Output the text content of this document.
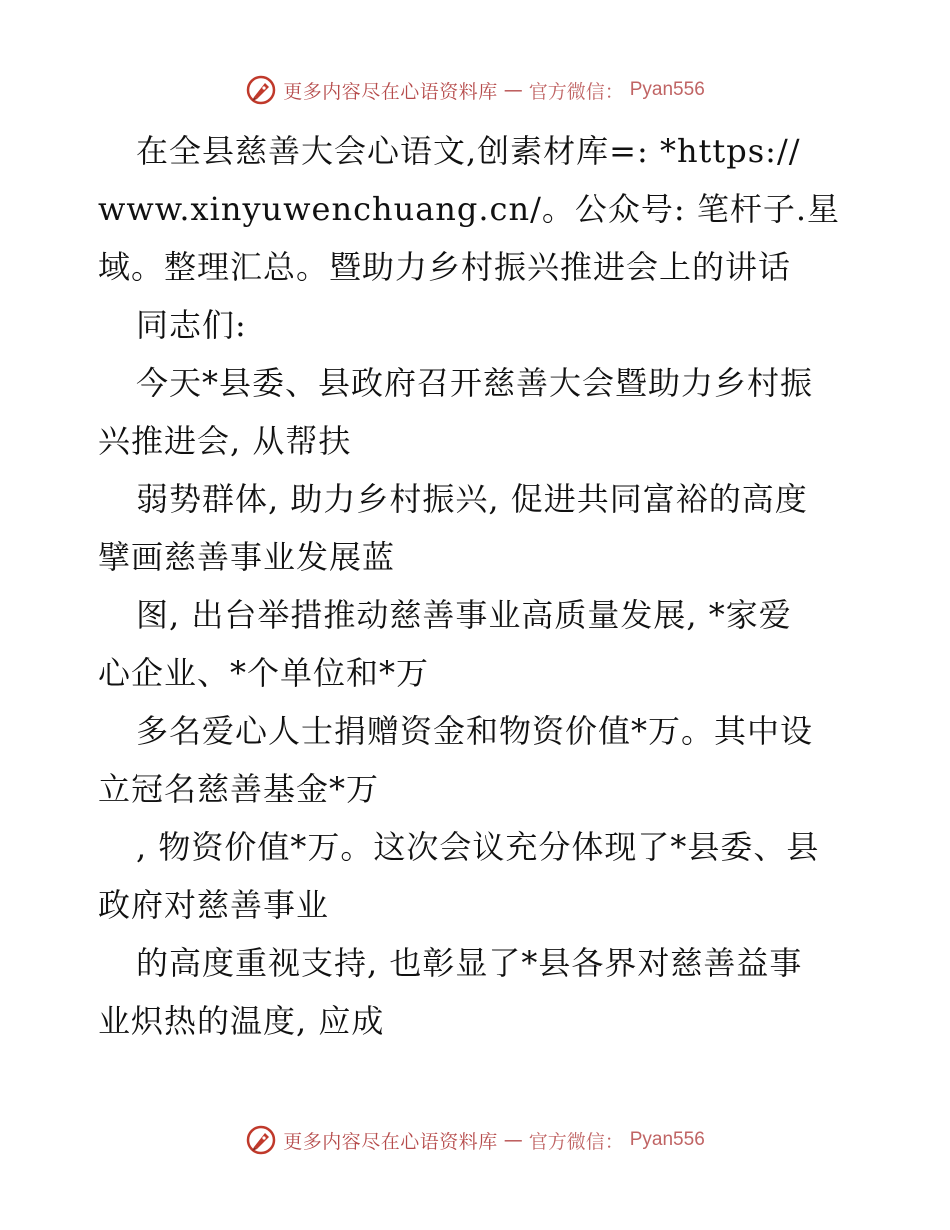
更多内容尽在心语资料库 — 官方微信： Pyan556
在全县慈善大会心语文,创素材库=: *https://
www.xinyuwenchuang.cn/。公众号: 笔杆子.星
域。整理汇总。暨助力乡村振兴推进会上的讲话
同志们:
今天*县委、县政府召开慈善大会暨助力乡村振
兴推进会, 从帮扶
弱势群体, 助力乡村振兴, 促进共同富裕的高度
擘画慈善事业发展蓝
图, 出台举措推动慈善事业高质量发展, *家爱
心企业、*个单位和*万
多名爱心人士捐赠资金和物资价值*万。其中设
立冠名慈善基金*万
, 物资价值*万。这次会议充分体现了*县委、县
政府对慈善事业
的高度重视支持, 也彰显了*县各界对慈善益事
业炽热的温度, 应成
更多内容尽在心语资料库 — 官方微信： Pyan556
